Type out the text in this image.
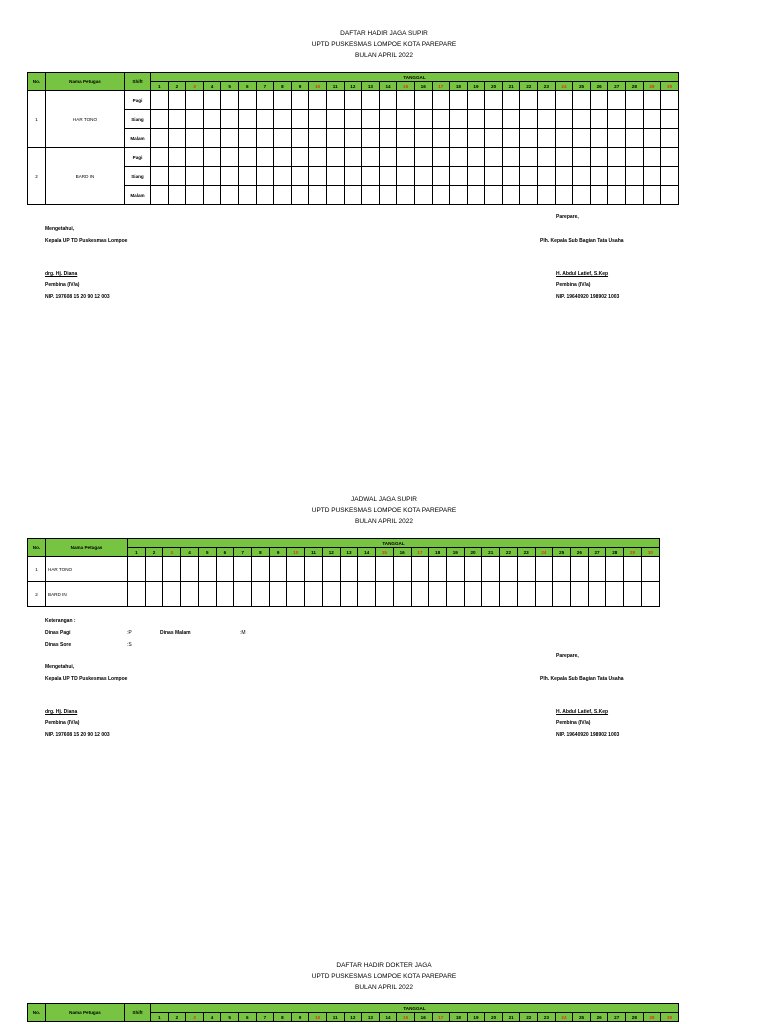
DAFTAR HADIR JAGA SUPIR
UPTD PUSKESMAS LOMPOE KOTA PAREPARE
BULAN APRIL 2022
No.	Nama Petugas	Shift	TANGGAL																													
			1	2	3	4	5	6	7	8	9	10	11	12	13	14	15	16	17	18	19	20	21	22	23	24	25	26	27	28	29	30
1	HAR TONO	Pagi																														
		Siang																														
		Malam																														
2	BARD IN	Pagi																														
		Siang																														
		Malam																														
Parepare,
Mengetahui,
Kepala UP TD Puskesmas Lompoe	Plh. Kepala Sub Bagian Tata Usaha
drg. Hj. Diana	H. Abdul Latief, S.Kep
Pembina (IV/a)	Pembina (IV/a)
NIP. 197608 15 20 90 12 003	NIP. 19640920 198902 1003
JADWAL JAGA SUPIR
UPTD PUSKESMAS LOMPOE KOTA PAREPARE
BULAN APRIL 2022
No.	Nama Petugas	TANGGAL																													
		1	2	3	4	5	6	7	8	9	10	11	12	13	14	15	16	17	18	19	20	21	22	23	24	25	26	27	28	29	30
1	HAR TONO																														
2	BARD IN																														
Keterangan :
Dinas Pagi	:P	Dinas Malam	:M
Dinas Sore	:S
Parepare,
Mengetahui,
Kepala UP TD Puskesmas Lompoe	Plh. Kepala Sub Bagian Tata Usaha
drg. Hj. Diana	H. Abdul Latief, S.Kep
Pembina (IV/a)	Pembina (IV/a)
NIP. 197608 15 20 90 12 003	NIP. 19640920 198902 1003
DAFTAR HADIR DOKTER JAGA
UPTD PUSKESMAS LOMPOE KOTA PAREPARE
BULAN APRIL 2022
No.	Nama Petugas	Shift	TANGGAL																													
			1	2	3	4	5	6	7	8	9	10	11	12	13	14	15	16	17	18	19	20	21	22	23	24	25	26	27	28	29	30
